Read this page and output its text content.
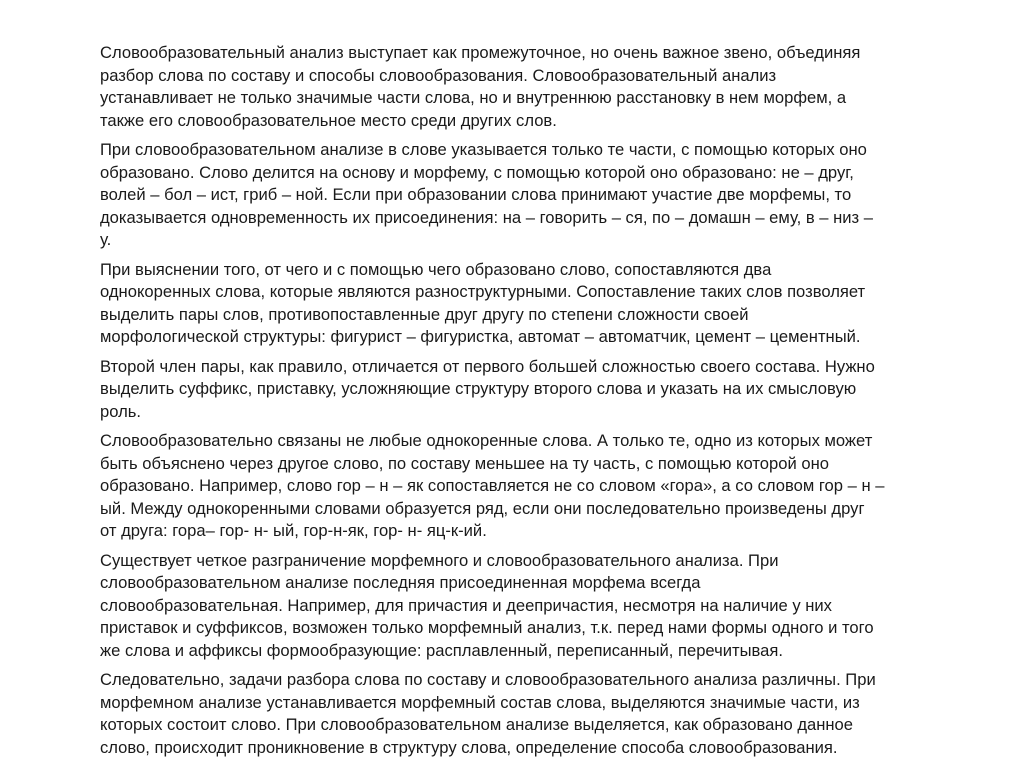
Словообразовательный анализ выступает как промежуточное, но очень важное звено, объединяя
разбор слова по составу и способы словообразования. Словообразовательный анализ
устанавливает не только значимые части слова, но и внутреннюю расстановку в нем морфем, а
также его словообразовательное место среди других слов.

При словообразовательном анализе в слове указывается только те части, с помощью которых оно
образовано. Слово делится на основу и морфему, с помощью которой оно образовано: не – друг,
волей – бол – ист, гриб – ной. Если при образовании слова принимают участие две морфемы, то
доказывается одновременность их присоединения: на – говорить – ся, по – домашн – ему, в – низ –
у.

При выяснении того, от чего и с помощью чего образовано слово, сопоставляются два
однокоренных слова, которые являются разноструктурными. Сопоставление таких слов позволяет
выделить пары слов, противопоставленные друг другу по степени сложности своей
морфологической структуры: фигурист – фигуристка, автомат – автоматчик, цемент – цементный.

Второй член пары, как правило, отличается от первого большей сложностью своего состава. Нужно
выделить суффикс, приставку, усложняющие структуру второго слова и указать на их смысловую
роль.

Словообразовательно связаны не любые однокоренные слова. А только те, одно из которых может
быть объяснено через другое слово, по составу меньшее на ту часть, с помощью которой оно
образовано. Например, слово гор – н – як сопоставляется не со словом «гора», а со словом гор – н –
ый. Между однокоренными словами образуется ряд, если они последовательно произведены друг
от друга: гора– гор- н- ый, гор-н-як, гор- н- яц-к-ий.

Существует четкое разграничение морфемного и словообразовательного анализа. При
словообразовательном анализе последняя присоединенная морфема всегда
словообразовательная. Например, для причастия и деепричастия, несмотря на наличие у них
приставок и суффиксов, возможен только морфемный анализ, т.к. перед нами формы одного и того
же слова и аффиксы формообразующие: расплавленный, переписанный, перечитывая.

Следовательно, задачи разбора слова по составу и словообразовательного анализа различны. При
морфемном анализе устанавливается морфемный состав слова, выделяются значимые части, из
которых состоит слово. При словообразовательном анализе выделяется, как образовано данное
слово, происходит проникновение в структуру слова, определение способа словообразования.
